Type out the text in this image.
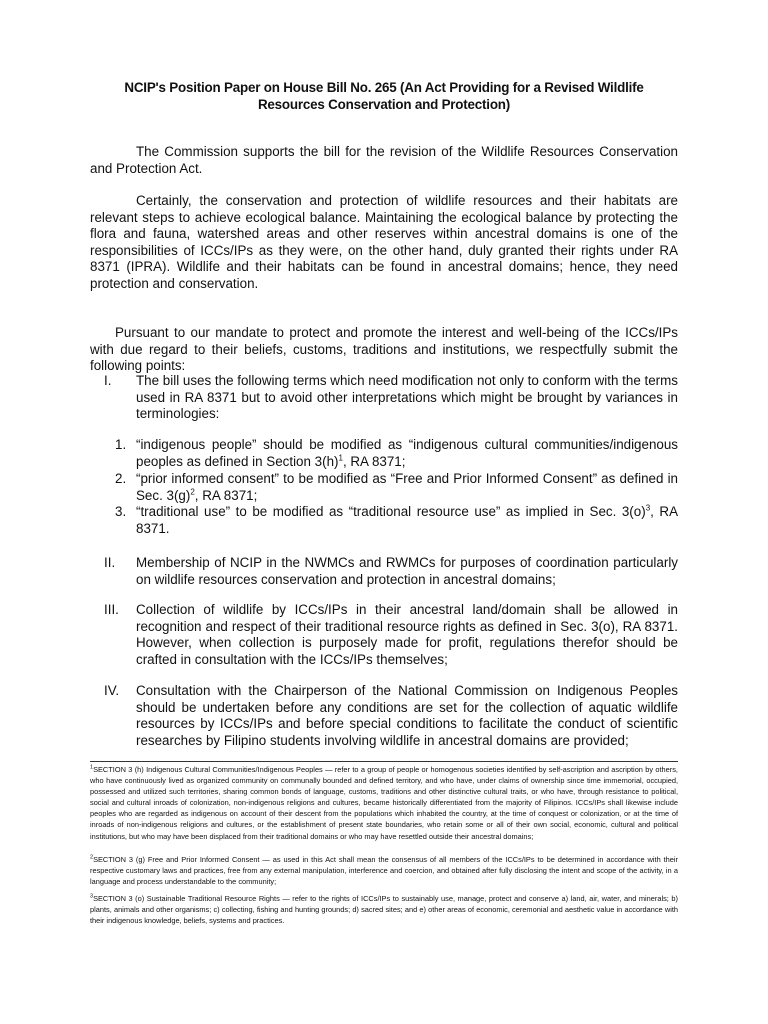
NCIP's Position Paper on House Bill No. 265 (An Act Providing for a Revised Wildlife Resources Conservation and Protection)
The Commission supports the bill for the revision of the Wildlife Resources Conservation and Protection Act.
Certainly, the conservation and protection of wildlife resources and their habitats are relevant steps to achieve ecological balance. Maintaining the ecological balance by protecting the flora and fauna, watershed areas and other reserves within ancestral domains is one of the responsibilities of ICCs/IPs as they were, on the other hand, duly granted their rights under RA 8371 (IPRA). Wildlife and their habitats can be found in ancestral domains; hence, they need protection and conservation.
Pursuant to our mandate to protect and promote the interest and well-being of the ICCs/IPs with due regard to their beliefs, customs, traditions and institutions, we respectfully submit the following points:
I. The bill uses the following terms which need modification not only to conform with the terms used in RA 8371 but to avoid other interpretations which might be brought by variances in terminologies:
1. “indigenous people” should be modified as “indigenous cultural communities/indigenous peoples as defined in Section $3(h)^1$, RA 8371;
2. “prior informed consent” to be modified as “Free and Prior Informed Consent” as defined in Sec. $3(g)^2$, RA 8371;
3. “traditional use” to be modified as “traditional resource use” as implied in Sec. $3(o)^3$, RA 8371.
II. Membership of NCIP in the NWMCs and RWMCs for purposes of coordination particularly on wildlife resources conservation and protection in ancestral domains;
III. Collection of wildlife by ICCs/IPs in their ancestral land/domain shall be allowed in recognition and respect of their traditional resource rights as defined in Sec. 3(o), RA 8371. However, when collection is purposely made for profit, regulations therefor should be crafted in consultation with the ICCs/IPs themselves;
IV. Consultation with the Chairperson of the National Commission on Indigenous Peoples should be undertaken before any conditions are set for the collection of aquatic wildlife resources by ICCs/IPs and before special conditions to facilitate the conduct of scientific researches by Filipino students involving wildlife in ancestral domains are provided;
$^1$SECTION 3 (h) Indigenous Cultural Communities/Indigenous Peoples — refer to a group of people or homogenous societies identified by self-ascription and ascription by others, who have continuously lived as organized community on communally bounded and defined territory, and who have, under claims of ownership since time immemorial, occupied, possessed and utilized such territories, sharing common bonds of language, customs, traditions and other distinctive cultural traits, or who have, through resistance to political, social and cultural inroads of colonization, non-indigenous religions and cultures, became historically differentiated from the majority of Filipinos. ICCs/IPs shall likewise include peoples who are regarded as indigenous on account of their descent from the populations which inhabited the country, at the time of conquest or colonization, or at the time of inroads of non-indigenous religions and cultures, or the establishment of present state boundaries, who retain some or all of their own social, economic, cultural and political institutions, but who may have been displaced from their traditional domains or who may have resettled outside their ancestral domains;
$^2$SECTION 3 (g) Free and Prior Informed Consent — as used in this Act shall mean the consensus of all members of the ICCs/IPs to be determined in accordance with their respective customary laws and practices, free from any external manipulation, interference and coercion, and obtained after fully disclosing the intent and scope of the activity, in a language and process understandable to the community;
$^3$SECTION 3 (o) Sustainable Traditional Resource Rights — refer to the rights of ICCs/IPs to sustainably use, manage, protect and conserve a) land, air, water, and minerals; b) plants, animals and other organisms; c) collecting, fishing and hunting grounds; d) sacred sites; and e) other areas of economic, ceremonial and aesthetic value in accordance with their indigenous knowledge, beliefs, systems and practices.
